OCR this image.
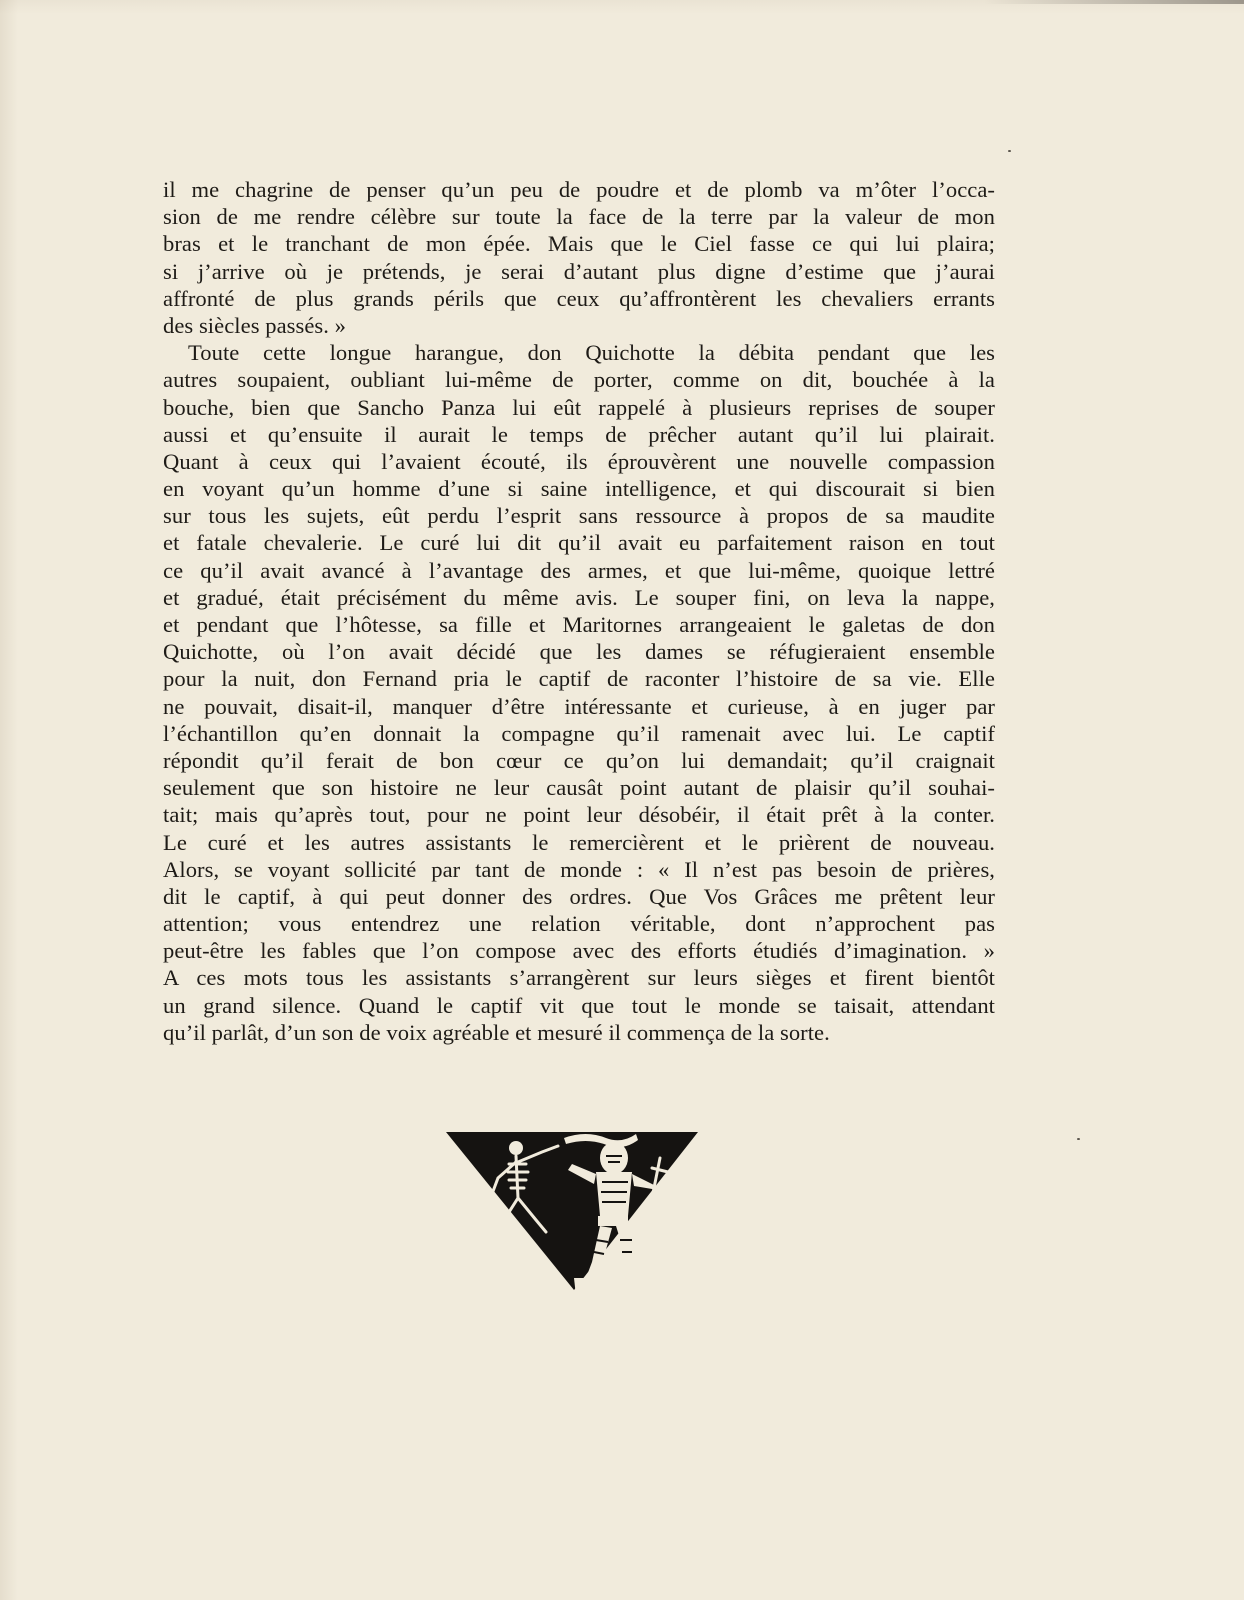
il me chagrine de penser qu’un peu de poudre et de plomb va m’ôter l’occa-
sion de me rendre célèbre sur toute la face de la terre par la valeur de mon
bras et le tranchant de mon épée. Mais que le Ciel fasse ce qui lui plaira;
si j’arrive où je prétends, je serai d’autant plus digne d’estime que j’aurai
affronté de plus grands périls que ceux qu’affrontèrent les chevaliers errants
des siècles passés. »
Toute cette longue harangue, don Quichotte la débita pendant que les
autres soupaient, oubliant lui-même de porter, comme on dit, bouchée à la
bouche, bien que Sancho Panza lui eût rappelé à plusieurs reprises de souper
aussi et qu’ensuite il aurait le temps de prêcher autant qu’il lui plairait.
Quant à ceux qui l’avaient écouté, ils éprouvèrent une nouvelle compassion
en voyant qu’un homme d’une si saine intelligence, et qui discourait si bien
sur tous les sujets, eût perdu l’esprit sans ressource à propos de sa maudite
et fatale chevalerie. Le curé lui dit qu’il avait eu parfaitement raison en tout
ce qu’il avait avancé à l’avantage des armes, et que lui-même, quoique lettré
et gradué, était précisément du même avis. Le souper fini, on leva la nappe,
et pendant que l’hôtesse, sa fille et Maritornes arrangeaient le galetas de don
Quichotte, où l’on avait décidé que les dames se réfugieraient ensemble
pour la nuit, don Fernand pria le captif de raconter l’histoire de sa vie. Elle
ne pouvait, disait-il, manquer d’être intéressante et curieuse, à en juger par
l’échantillon qu’en donnait la compagne qu’il ramenait avec lui. Le captif
répondit qu’il ferait de bon cœur ce qu’on lui demandait; qu’il craignait
seulement que son histoire ne leur causât point autant de plaisir qu’il souhai-
tait; mais qu’après tout, pour ne point leur désobéir, il était prêt à la conter.
Le curé et les autres assistants le remercièrent et le prièrent de nouveau.
Alors, se voyant sollicité par tant de monde : « Il n’est pas besoin de prières,
dit le captif, à qui peut donner des ordres. Que Vos Grâces me prêtent leur
attention; vous entendrez une relation véritable, dont n’approchent pas
peut-être les fables que l’on compose avec des efforts étudiés d’imagination. »
A ces mots tous les assistants s’arrangèrent sur leurs sièges et firent bientôt
un grand silence. Quand le captif vit que tout le monde se taisait, attendant
qu’il parlât, d’un son de voix agréable et mesuré il commença de la sorte.
